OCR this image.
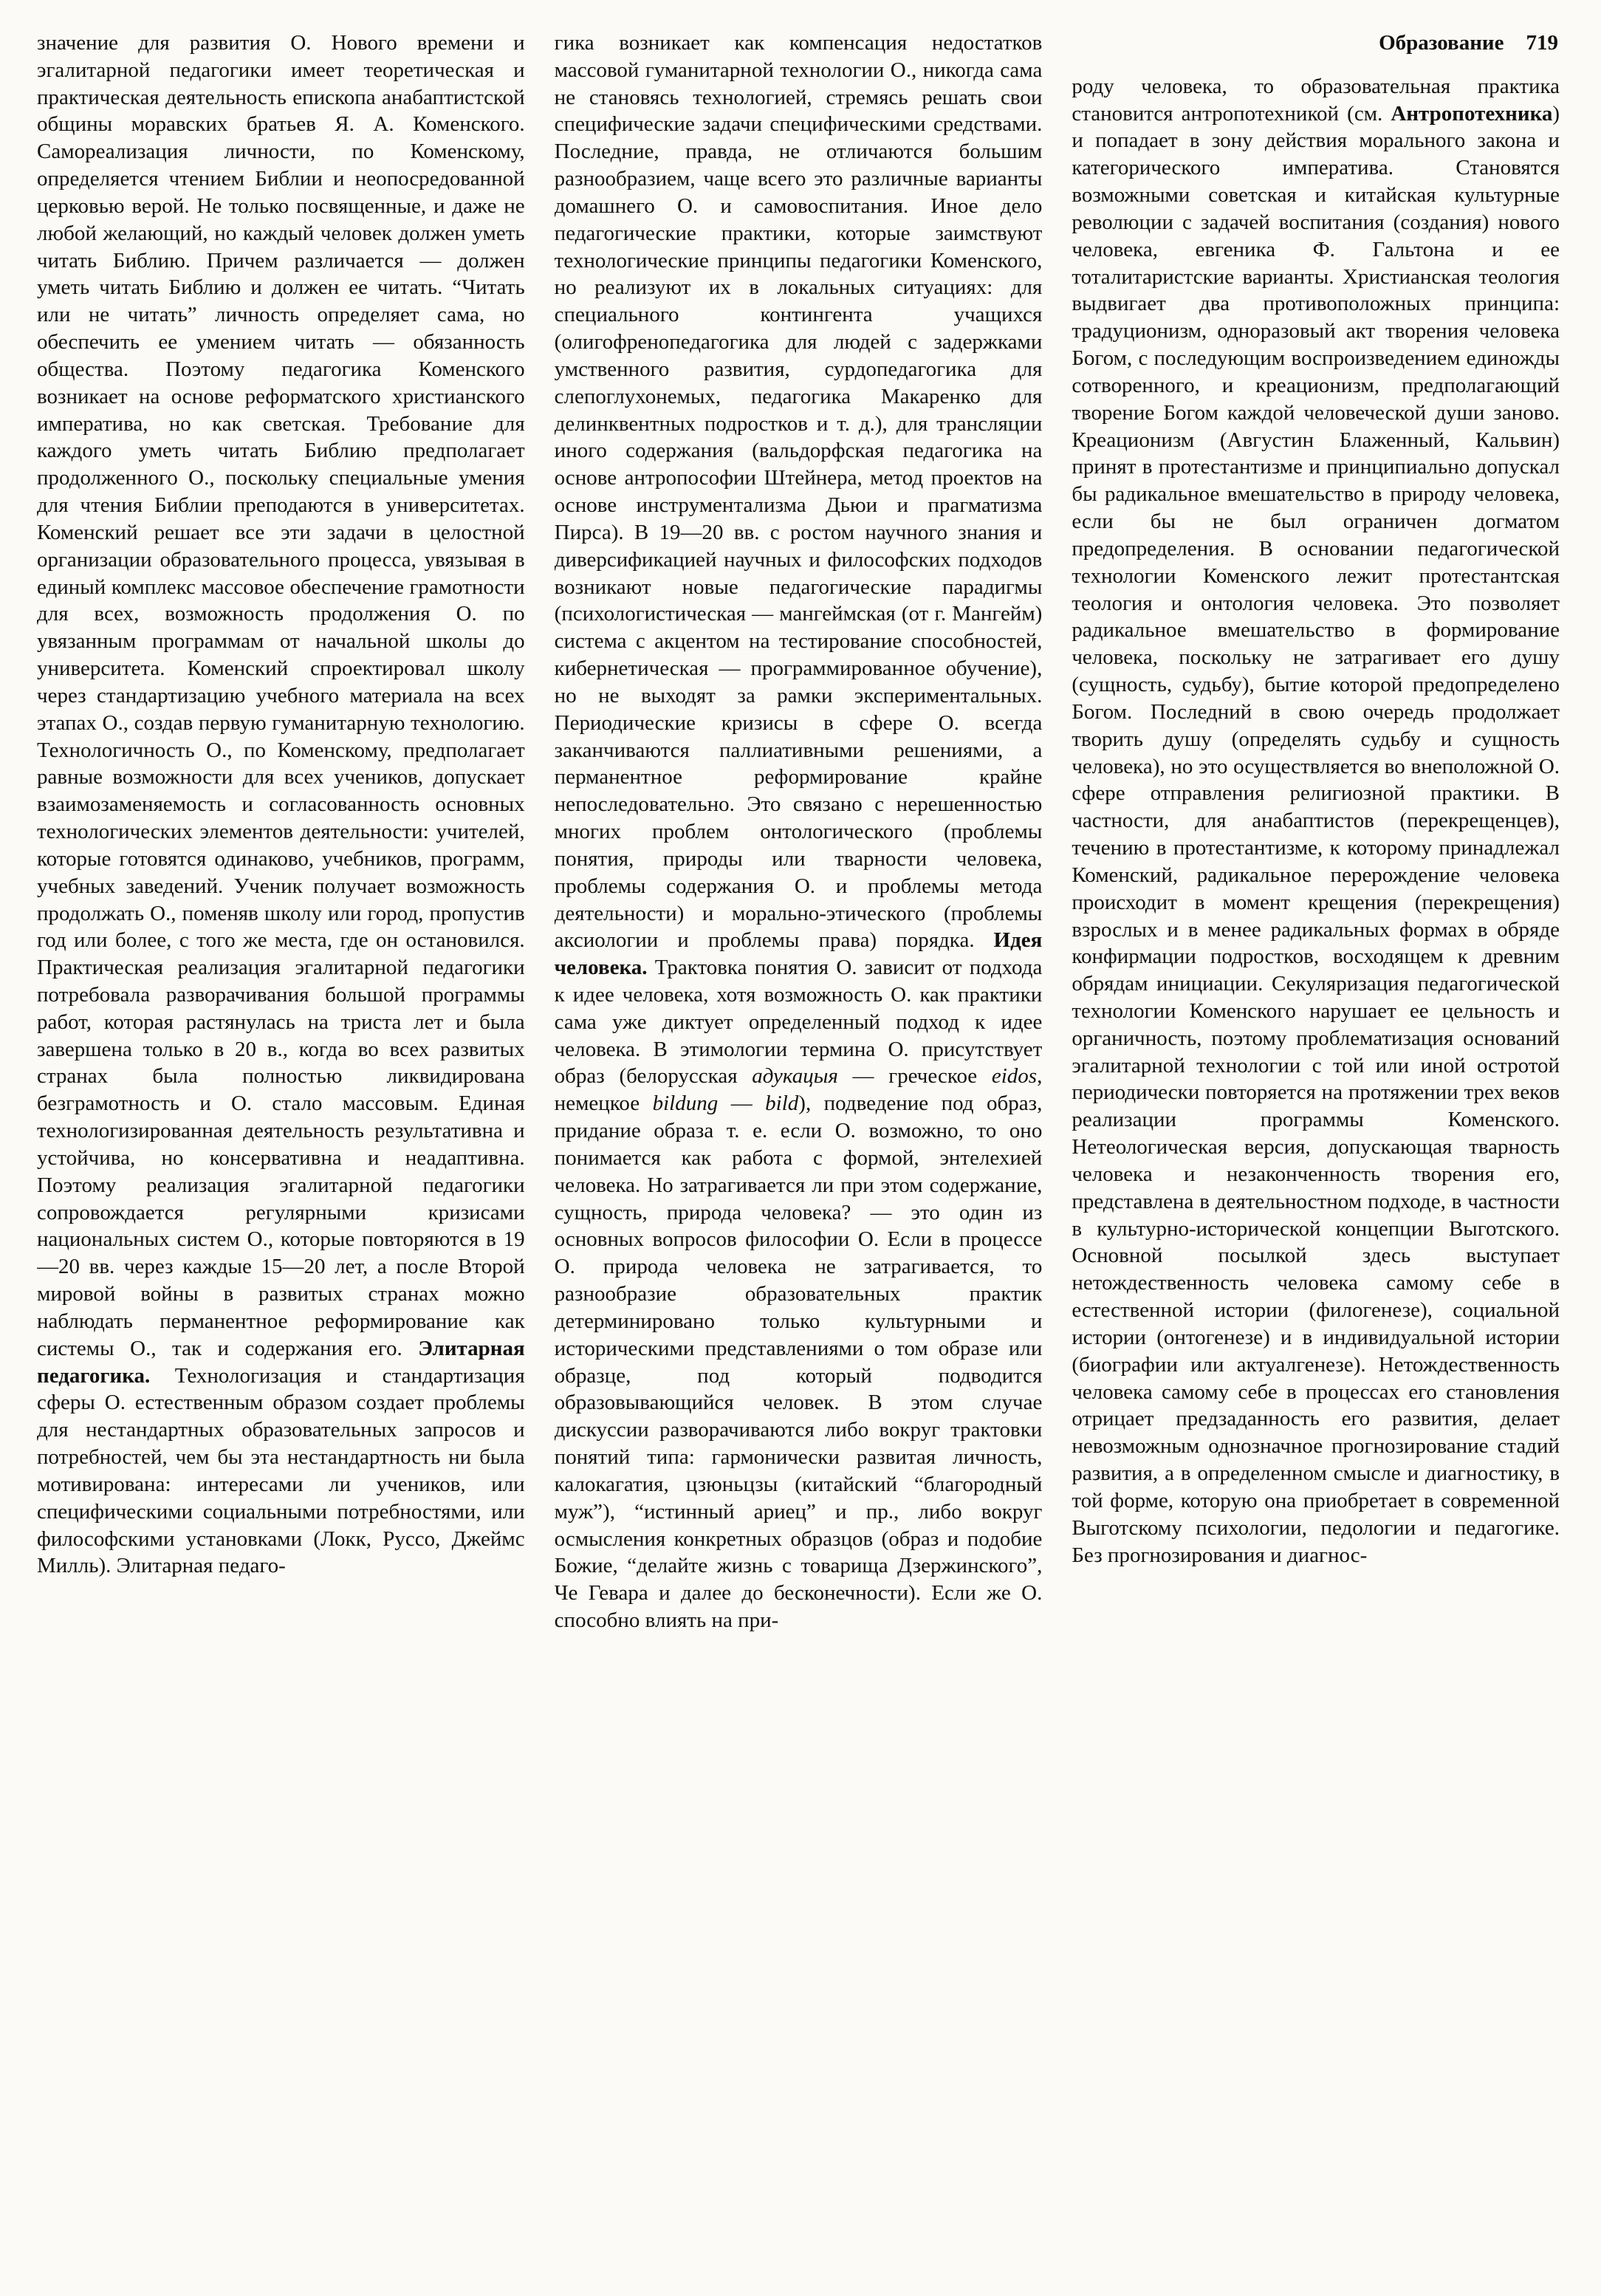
значение для развития О. Нового времени и эгалитарной педагогики имеет теоретическая и практическая деятельность епископа анабаптистской общины моравских братьев Я. А. Коменского. Самореализация личности, по Коменскому, определяется чтением Библии и неопосредованной церковью верой. Не только посвященные, и даже не любой желающий, но каждый человек должен уметь читать Библию. Причем различается — должен уметь читать Библию и должен ее читать. “Читать или не читать” личность определяет сама, но обеспечить ее умением читать — обязанность общества. Поэтому педагогика Коменского возникает на основе реформатского христианского императива, но как светская. Требование для каждого уметь читать Библию предполагает продолженного О., поскольку специальные умения для чтения Библии преподаются в университетах. Коменский решает все эти задачи в целостной организации образовательного процесса, увязывая в единый комплекс массовое обеспечение грамотности для всех, возможность продолжения О. по увязанным программам от начальной школы до университета. Коменский спроектировал школу через стандартизацию учебного материала на всех этапах О., создав первую гуманитарную технологию. Технологичность О., по Коменскому, предполагает равные возможности для всех учеников, допускает взаимозаменяемость и согласованность основных технологических элементов деятельности: учителей, которые готовятся одинаково, учебников, программ, учебных заведений. Ученик получает возможность продолжать О., поменяв школу или город, пропустив год или более, с того же места, где он остановился. Практическая реализация эгалитарной педагогики потребовала разворачивания большой программы работ, которая растянулась на триста лет и была завершена только в 20 в., когда во всех развитых странах была полностью ликвидирована безграмотность и О. стало массовым. Единая технологизированная деятельность результативна и устойчива, но консервативна и неадаптивна. Поэтому реализация эгалитарной педагогики сопровождается регулярными кризисами национальных систем О., которые повторяются в 19—20 вв. через каждые 15—20 лет, а после Второй мировой войны в развитых странах можно наблюдать перманентное реформирование как системы О., так и содержания его. Элитарная педагогика. Технологизация и стандартизация сферы О. естественным образом создает проблемы для нестандартных образовательных запросов и потребностей, чем бы эта нестандартность ни была мотивирована: интересами ли учеников, или специфическими социальными потребностями, или философскими установками (Локк, Руссо, Джеймс Милль). Элитарная педаго-
гика возникает как компенсация недостатков массовой гуманитарной технологии О., никогда сама не становясь технологией, стремясь решать свои специфические задачи специфическими средствами. Последние, правда, не отличаются большим разнообразием, чаще всего это различные варианты домашнего О. и самовоспитания. Иное дело педагогические практики, которые заимствуют технологические принципы педагогики Коменского, но реализуют их в локальных ситуациях: для специального контингента учащихся (олигофренопедагогика для людей с задержками умственного развития, сурдопедагогика для слепоглухонемых, педагогика Макаренко для делинквентных подростков и т. д.), для трансляции иного содержания (вальдорфская педагогика на основе антропософии Штейнера, метод проектов на основе инструментализма Дьюи и прагматизма Пирса). В 19—20 вв. с ростом научного знания и диверсификацией научных и философских подходов возникают новые педагогические парадигмы (психологистическая — мангеймская (от г. Мангейм) система с акцентом на тестирование способностей, кибернетическая — программированное обучение), но не выходят за рамки экспериментальных. Периодические кризисы в сфере О. всегда заканчиваются паллиативными решениями, а перманентное реформирование крайне непоследовательно. Это связано с нерешенностью многих проблем онтологического (проблемы понятия, природы или тварности человека, проблемы содержания О. и проблемы метода деятельности) и морально-этического (проблемы аксиологии и проблемы права) порядка. Идея человека. Трактовка понятия О. зависит от подхода к идее человека, хотя возможность О. как практики сама уже диктует определенный подход к идее человека. В этимологии термина О. присутствует образ (белорусская адукацыя — греческое eidos, немецкое bildung — bild), подведение под образ, придание образа т. е. если О. возможно, то оно понимается как работа с формой, энтелехией человека. Но затрагивается ли при этом содержание, сущность, природа человека? — это один из основных вопросов философии О. Если в процессе О. природа человека не затрагивается, то разнообразие образовательных практик детерминировано только культурными и историческими представлениями о том образе или образце, под который подводится образовывающийся человек. В этом случае дискуссии разворачиваются либо вокруг трактовки понятий типа: гармонически развитая личность, калокагатия, цзюньцзы (китайский “благородный муж”), “истинный ариец” и пр., либо вокруг осмысления конкретных образцов (образ и подобие Божие, “делайте жизнь с товарища Дзержинского”, Че Гевара и далее до бесконечности). Если же О. способно влиять на при-
Образование 719
роду человека, то образовательная практика становится антропотехникой (см. Антропотехника) и попадает в зону действия морального закона и категорического императива. Становятся возможными советская и китайская культурные революции с задачей воспитания (создания) нового человека, евгеника Ф. Гальтона и ее тоталитаристские варианты. Христианская теология выдвигает два противоположных принципа: традуционизм, одноразовый акт творения человека Богом, с последующим воспроизведением единожды сотворенного, и креационизм, предполагающий творение Богом каждой человеческой души заново. Креационизм (Августин Блаженный, Кальвин) принят в протестантизме и принципиально допускал бы радикальное вмешательство в природу человека, если бы не был ограничен догматом предопределения. В основании педагогической технологии Коменского лежит протестантская теология и онтология человека. Это позволяет радикальное вмешательство в формирование человека, поскольку не затрагивает его душу (сущность, судьбу), бытие которой предопределено Богом. Последний в свою очередь продолжает творить душу (определять судьбу и сущность человека), но это осуществляется во внеположной О. сфере отправления религиозной практики. В частности, для анабаптистов (перекрещенцев), течению в протестантизме, к которому принадлежал Коменский, радикальное перерождение человека происходит в момент крещения (перекрещения) взрослых и в менее радикальных формах в обряде конфирмации подростков, восходящем к древним обрядам инициации. Секуляризация педагогической технологии Коменского нарушает ее цельность и органичность, поэтому проблематизация оснований эгалитарной технологии с той или иной остротой периодически повторяется на протяжении трех веков реализации программы Коменского. Нетеологическая версия, допускающая тварность человека и незаконченность творения его, представлена в деятельностном подходе, в частности в культурно-исторической концепции Выготского. Основной посылкой здесь выступает нетождественность человека самому себе в естественной истории (филогенезе), социальной истории (онтогенезе) и в индивидуальной истории (биографии или актуалгенезе). Нетождественность человека самому себе в процессах его становления отрицает предзаданность его развития, делает невозможным однозначное прогнозирование стадий развития, а в определенном смысле и диагностику, в той форме, которую она приобретает в современной Выготскому психологии, педологии и педагогике. Без прогнозирования и диагнос-
